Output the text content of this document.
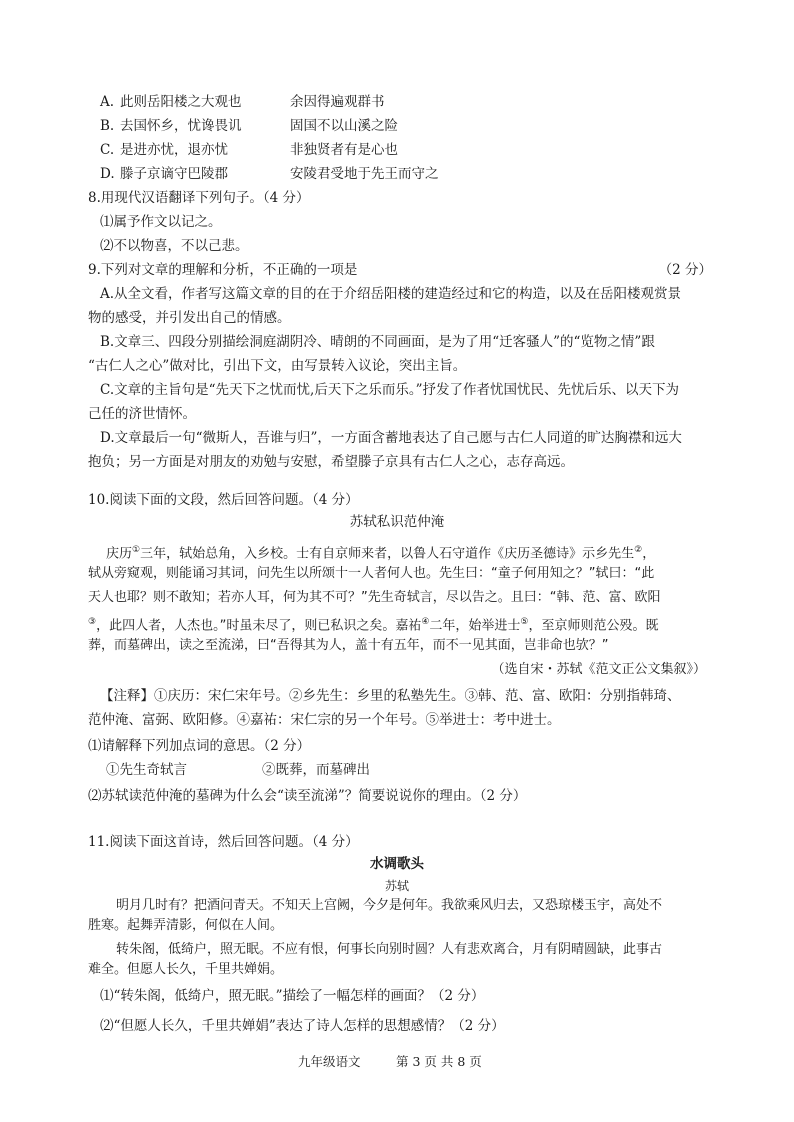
A. 此则岳阳楼之大观也	余因得遍观群书
B. 去国怀乡，忧谗畏讥	固国不以山溪之险
C. 是进亦忧，退亦忧	非独贤者有是心也
D. 滕子京谪守巴陵郡	安陵君受地于先王而守之
8.用现代汉语翻译下列句子。（4 分）
⑴属予作文以记之。
⑵不以物喜，不以己悲。
9.下列对文章的理解和分析，不正确的一项是	（2 分）
A.从全文看，作者写这篇文章的目的在于介绍岳阳楼的建造经过和它的构造，以及在岳阳楼观赏景
物的感受，并引发出自己的情感。
B.文章三、四段分别描绘洞庭湖阴冷、晴朗的不同画面，是为了用“迁客骚人”的“览物之情”跟
“古仁人之心”做对比，引出下文，由写景转入议论，突出主旨。
C.文章的主旨句是“先天下之忧而忧,后天下之乐而乐。”抒发了作者忧国忧民、先忧后乐、以天下为
己任的济世情怀。
D.文章最后一句“微斯人，吾谁与归”，一方面含蓄地表达了自己愿与古仁人同道的旷达胸襟和远大
抱负；另一方面是对朋友的劝勉与安慰，希望滕子京具有古仁人之心，志存高远。
10.阅读下面的文段，然后回答问题。（4 分）
苏轼私识范仲淹
庆历①三年，轼始总角，入乡校。士有自京师来者，以鲁人石守道作《庆历圣德诗》示乡先生②，
轼从旁窥观，则能诵习其词，问先生以所颂十一人者何人也。先生曰：“童子何用知之？”轼曰：“此
天人也耶？则不敢知；若亦人耳，何为其不可？”先生奇轼言，尽以告之。且曰：“韩、范、富、欧阳
③，此四人者，人杰也。”时虽未尽了，则已私识之矣。嘉祐④二年，始举进士⑤，至京师则范公殁。既
葬，而墓碑出，读之至流涕，曰“吾得其为人，盖十有五年，而不一见其面，岂非命也欤？”
（选自宋・苏轼《范文正公文集叙》）
【注释】①庆历：宋仁宋年号。②乡先生：乡里的私塾先生。③韩、范、富、欧阳：分别指韩琦、
范仲淹、富弼、欧阳修。④嘉祐：宋仁宗的另一个年号。⑤举进士：考中进士。
⑴请解释下列加点词的意思。（2 分）
①先生奇轼言	②既葬，而墓碑出
⑵苏轼读范仲淹的墓碑为什么会“读至流涕”？简要说说你的理由。（2 分）
11.阅读下面这首诗，然后回答问题。（4 分）
水调歌头
苏轼
明月几时有？把酒问青天。不知天上宫阙，今夕是何年。我欲乘风归去，又恐琼楼玉宇，高处不
胜寒。起舞弄清影，何似在人间。
转朱阁，低绮户，照无眠。不应有恨，何事长向别时圆？人有悲欢离合，月有阴晴圆缺，此事古
难全。但愿人长久，千里共婵娟。
⑴“转朱阁，低绮户，照无眠。”描绘了一幅怎样的画面？（2 分）
⑵“但愿人长久，千里共婵娟”表达了诗人怎样的思想感情？（2 分）
九年级语文	第 3 页 共 8 页
